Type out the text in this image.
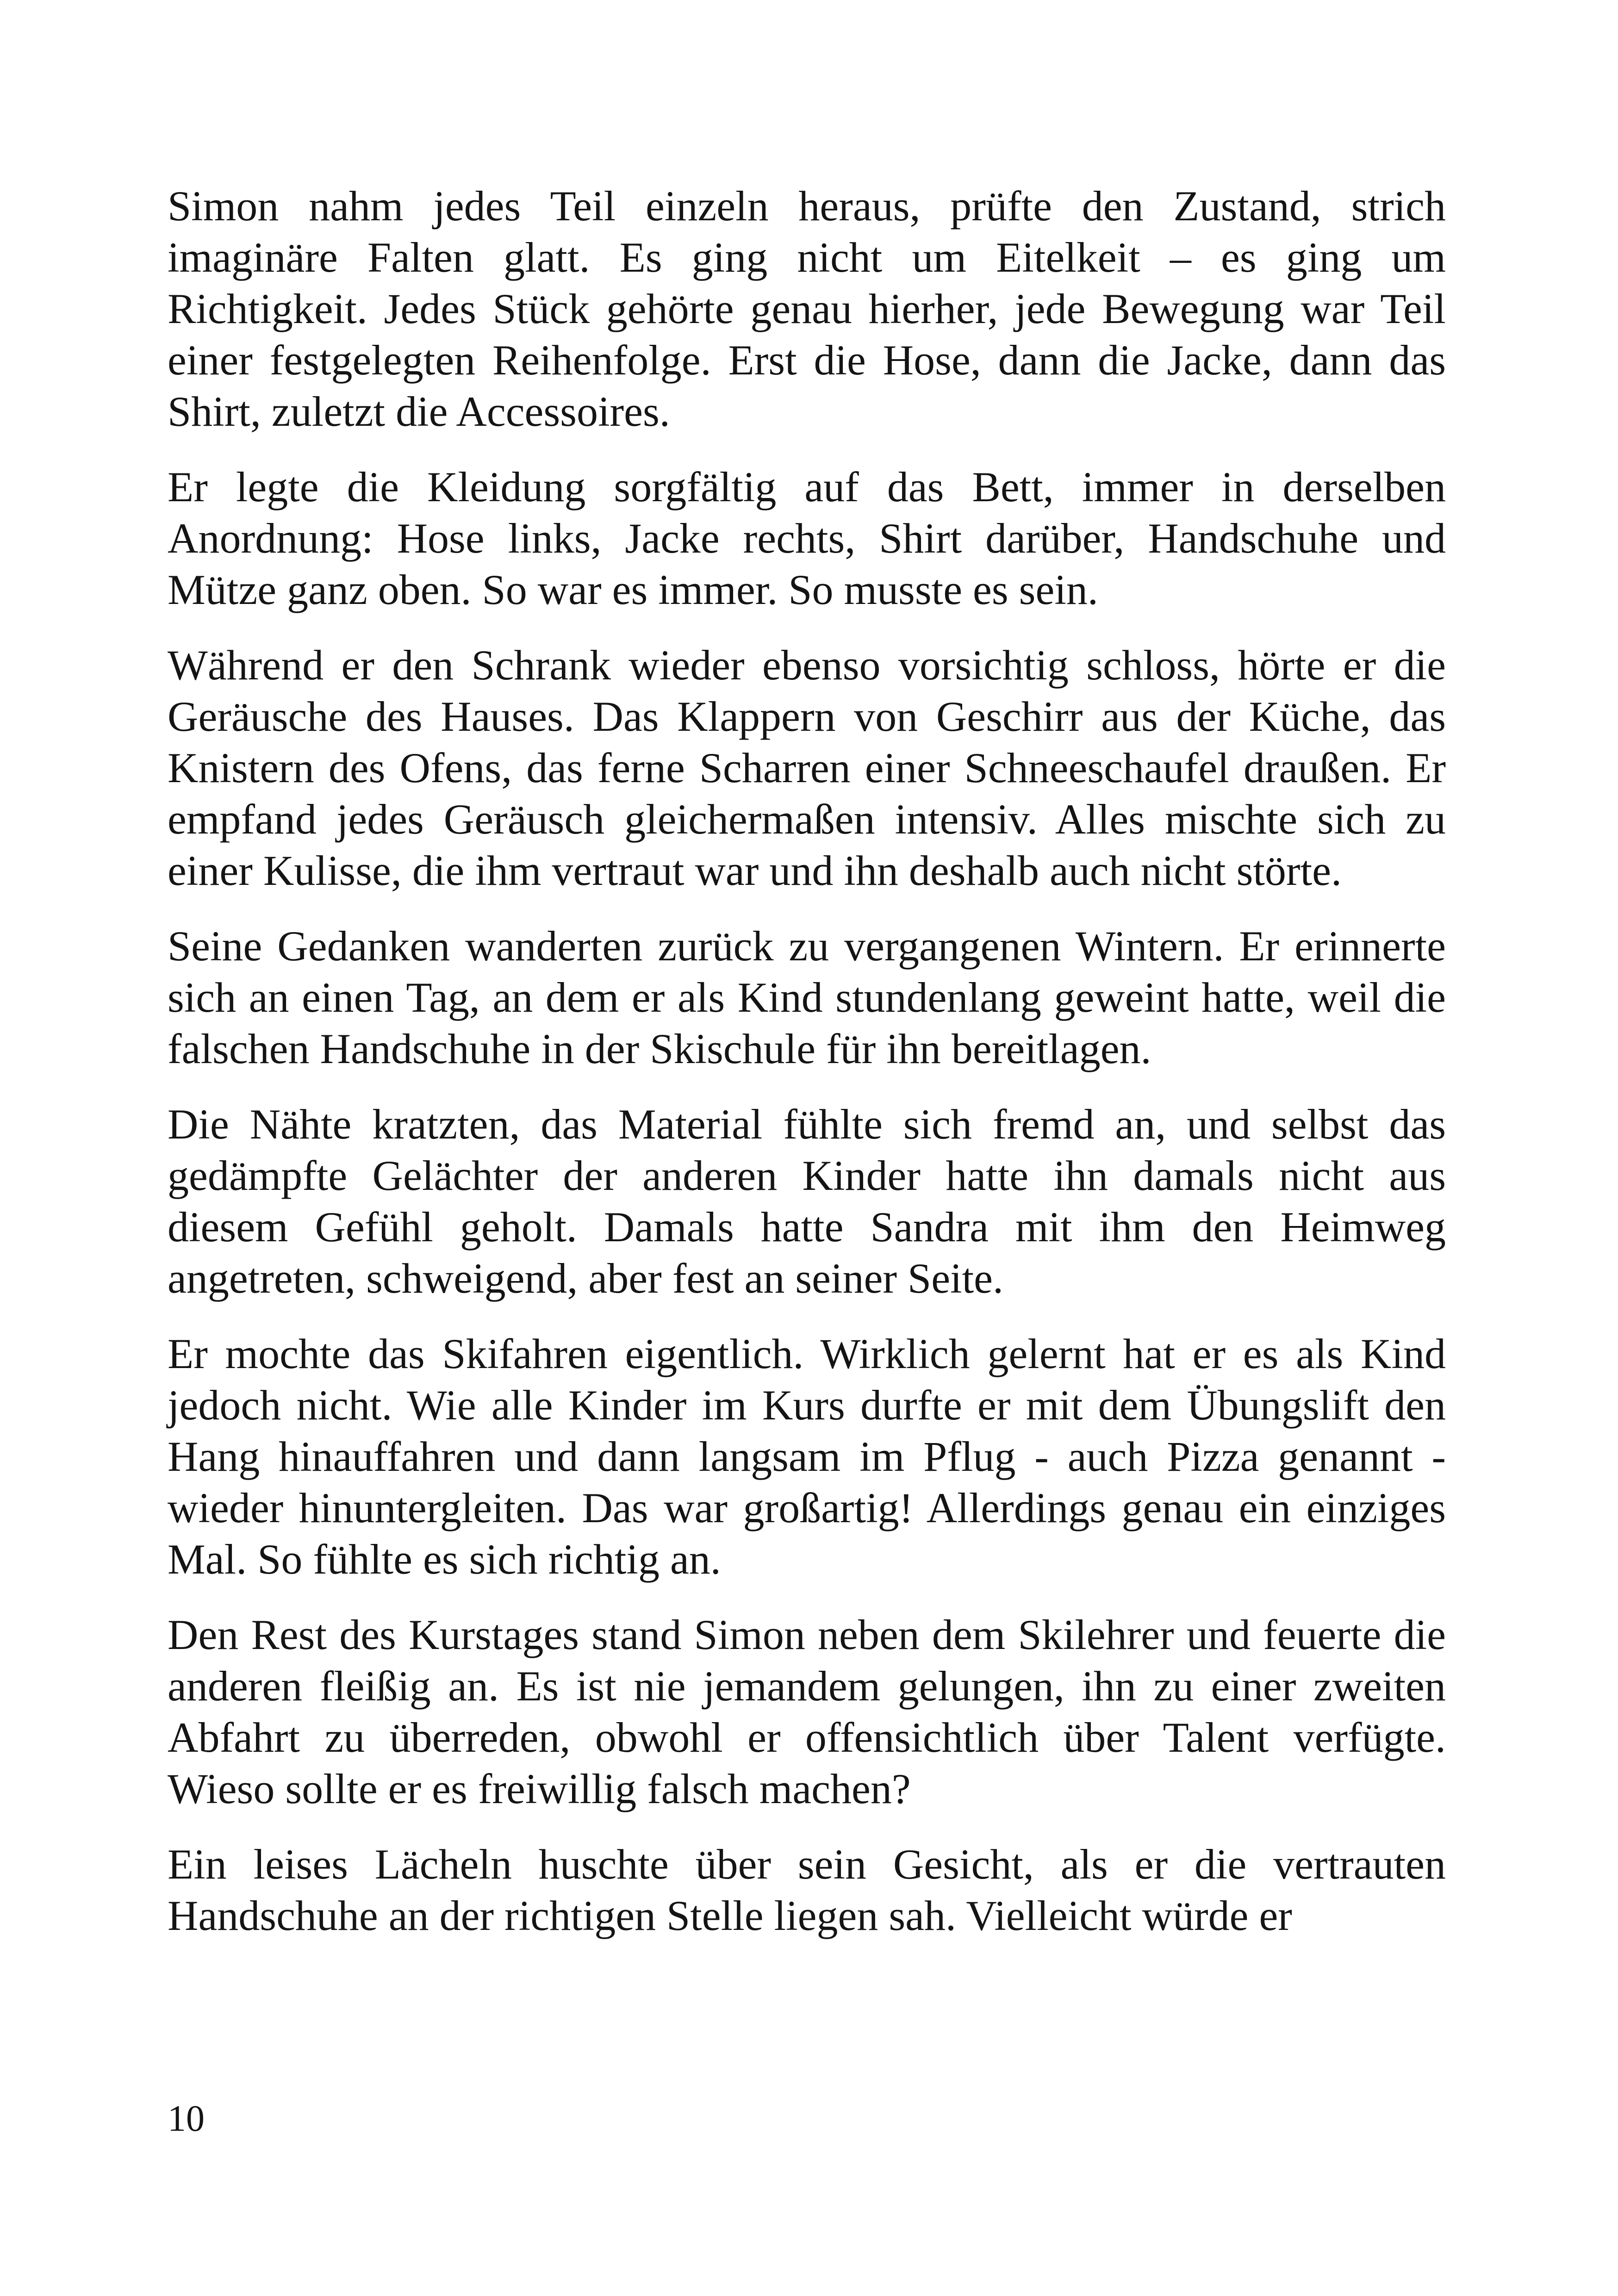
Simon nahm jedes Teil einzeln heraus, prüfte den Zustand, strich imaginäre Falten glatt. Es ging nicht um Eitelkeit – es ging um Richtigkeit. Jedes Stück gehörte genau hierher, jede Bewegung war Teil einer festgelegten Reihenfolge. Erst die Hose, dann die Jacke, dann das Shirt, zuletzt die Accessoires.

Er legte die Kleidung sorgfältig auf das Bett, immer in derselben Anordnung: Hose links, Jacke rechts, Shirt darüber, Handschuhe und Mütze ganz oben. So war es immer. So musste es sein.

Während er den Schrank wieder ebenso vorsichtig schloss, hörte er die Geräusche des Hauses. Das Klappern von Geschirr aus der Küche, das Knistern des Ofens, das ferne Scharren einer Schneeschaufel draußen. Er empfand jedes Geräusch gleichermaßen intensiv. Alles mischte sich zu einer Kulisse, die ihm vertraut war und ihn deshalb auch nicht störte.

Seine Gedanken wanderten zurück zu vergangenen Wintern. Er erinnerte sich an einen Tag, an dem er als Kind stundenlang geweint hatte, weil die falschen Handschuhe in der Skischule für ihn bereitlagen.

Die Nähte kratzten, das Material fühlte sich fremd an, und selbst das gedämpfte Gelächter der anderen Kinder hatte ihn damals nicht aus diesem Gefühl geholt. Damals hatte Sandra mit ihm den Heimweg angetreten, schweigend, aber fest an seiner Seite.

Er mochte das Skifahren eigentlich. Wirklich gelernt hat er es als Kind jedoch nicht. Wie alle Kinder im Kurs durfte er mit dem Übungslift den Hang hinauffahren und dann langsam im Pflug - auch Pizza genannt - wieder hinuntergleiten. Das war großartig! Allerdings genau ein einziges Mal. So fühlte es sich richtig an.

Den Rest des Kurstages stand Simon neben dem Skilehrer und feuerte die anderen fleißig an. Es ist nie jemandem gelungen, ihn zu einer zweiten Abfahrt zu überreden, obwohl er offensichtlich über Talent verfügte. Wieso sollte er es freiwillig falsch machen?

Ein leises Lächeln huschte über sein Gesicht, als er die vertrauten Handschuhe an der richtigen Stelle liegen sah. Vielleicht würde er

10
